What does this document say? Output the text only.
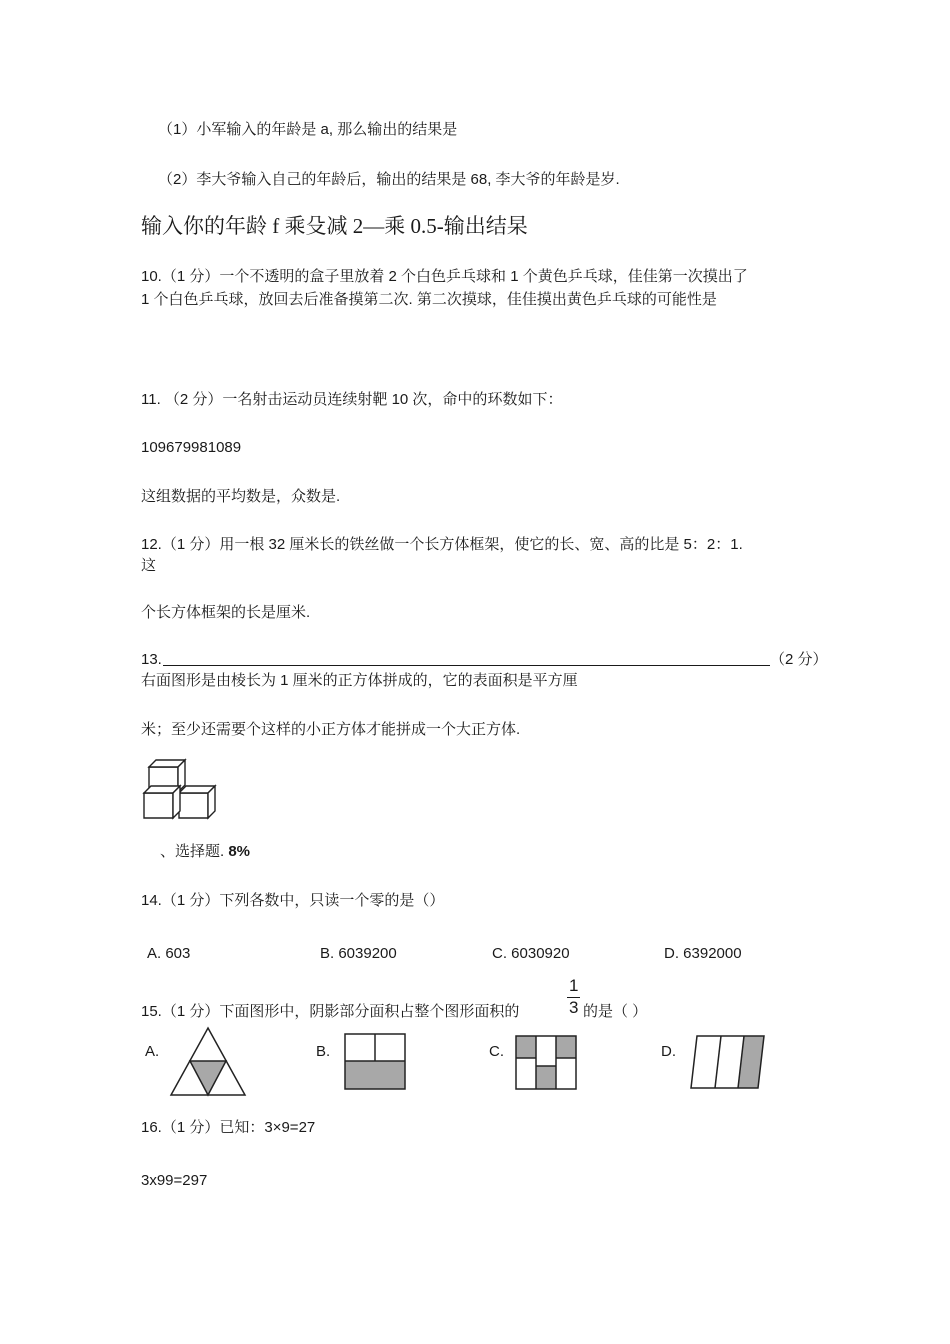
（1）小军输入的年龄是 a, 那么输出的结果是
（2）李大爷输入自己的年龄后，输出的结果是 68, 李大爷的年龄是岁.
输入你的年龄 f 乘殳减 2—乘 0.5-输出结杲
10.（1 分）一个不透明的盒子里放着 2 个白色乒乓球和 1 个黄色乒乓球，佳佳第一次摸出了
1 个白色乒乓球，放回去后准备摸第二次. 第二次摸球，佳佳摸出黄色乒乓球的可能性是
11. （2 分）一名射击运动员连续射靶 10 次，命中的环数如下：
109679981089
这组数据的平均数是，众数是.
12.（1 分）用一根 32 厘米长的铁丝做一个长方体框架，使它的长、宽、高的比是 5：2：1.
这
个长方体框架的长是厘米.
13.	（2 分）
右面图形是由棱长为 1 厘米的正方体拼成的，它的表面积是平方厘
米；至少还需要个这样的小正方体才能拼成一个大正方体.
、选择题. 8%
14.（1 分）下列各数中，只读一个零的是（）
A. 603	B. 6039200	C. 6030920	D. 6392000
15.（1 分）下面图形中，阴影部分面积占整个图形面积的
1
3 的是（ ）
A.	B.	C.	D.
16.（1 分）已知：3×9=27
3x99=297
